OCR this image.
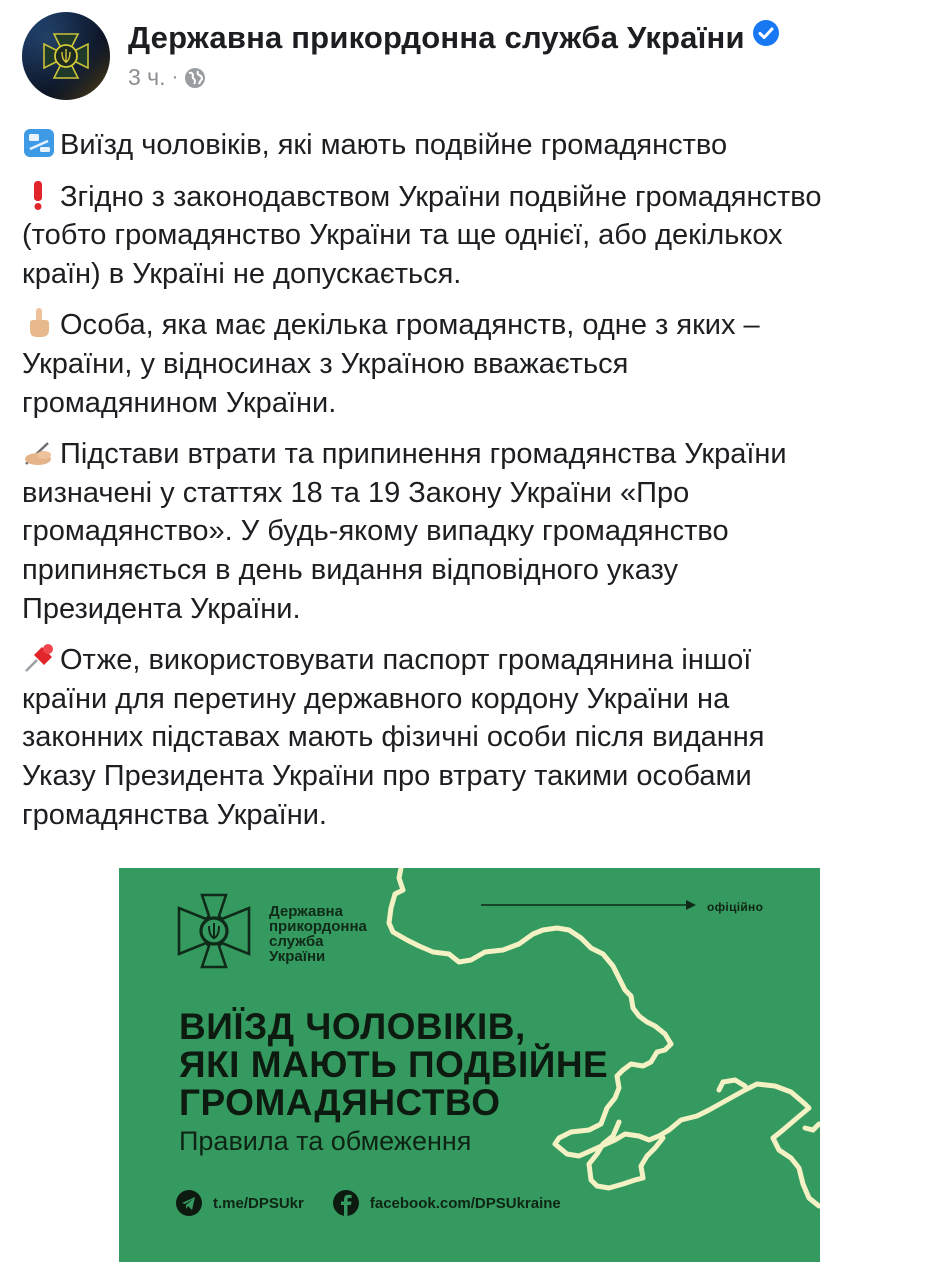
Державна прикордонна служба України
3 ч. ·
Виїзд чоловіків, які мають подвійне громадянство
Згідно з законодавством України подвійне громадянство
(тобто громадянство України та ще однієї, або декількох
країн) в Україні не допускається.
Особа, яка має декілька громадянств, одне з яких –
України, у відносинах з Україною вважається
громадянином України.
Підстави втрати та припинення громадянства України
визначені у статтях 18 та 19 Закону України «Про
громадянство». У будь-якому випадку громадянство
припиняється в день видання відповідного указу
Президента України.
Отже, використовувати паспорт громадянина іншої
країни для перетину державного кордону України на
законних підставах мають фізичні особи після видання
Указу Президента України про втрату такими особами
громадянства України.
Державна
прикордонна
служба
України
офіційно
ВИЇЗД ЧОЛОВІКІВ,
ЯКІ МАЮТЬ ПОДВІЙНЕ
ГРОМАДЯНСТВО
Правила та обмеження
t.me/DPSUkr	facebook.com/DPSUkraine
